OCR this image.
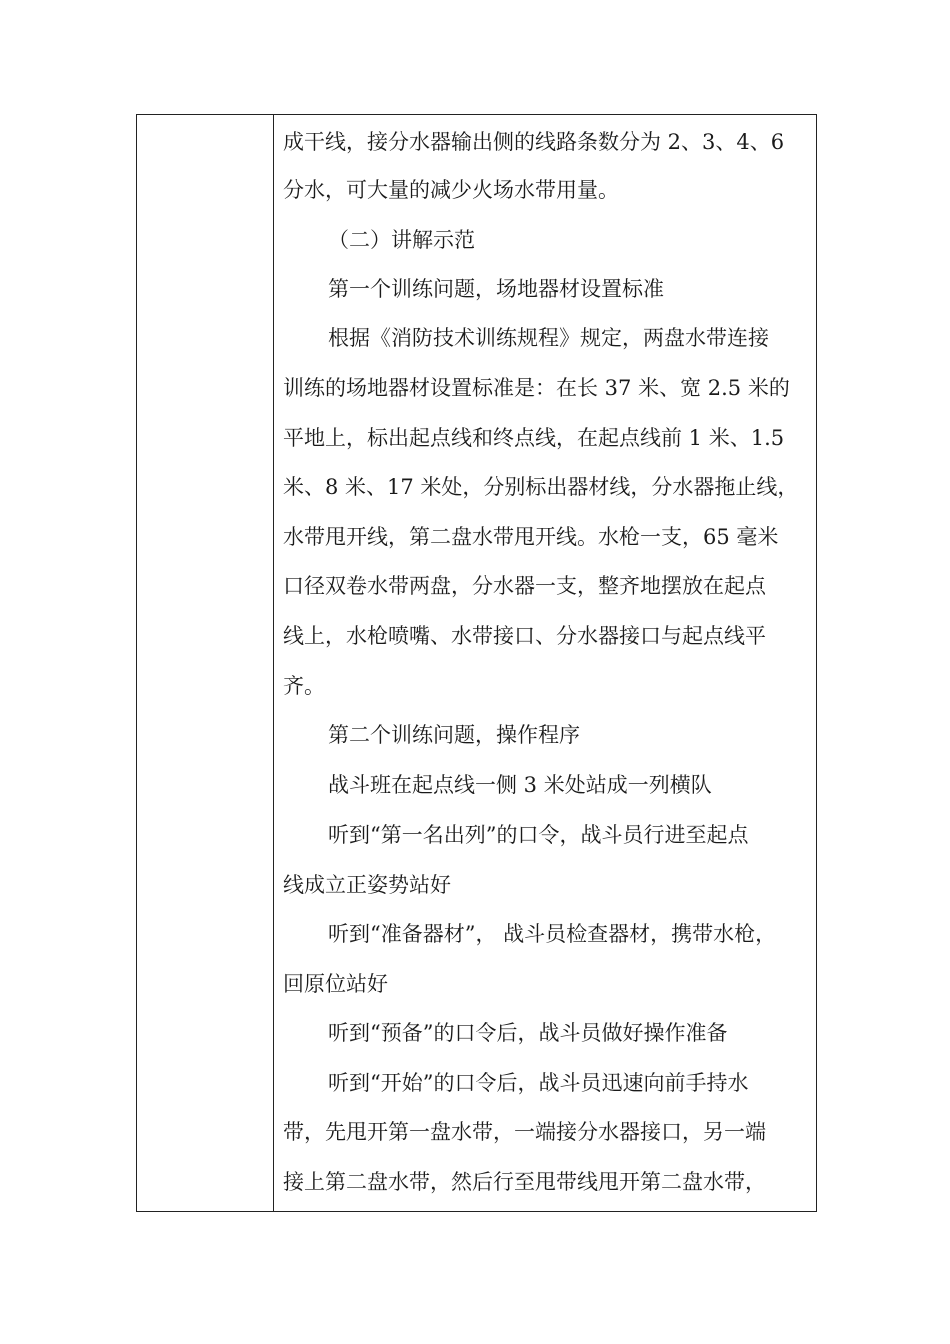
成干线，接分水器输出侧的线路条数分为 2、3、4、6
分水，可大量的减少火场水带用量。
（二）讲解示范
第一个训练问题，场地器材设置标准
根据《消防技术训练规程》规定，两盘水带连接
训练的场地器材设置标准是：在长 37 米、宽 2.5 米的
平地上，标出起点线和终点线，在起点线前 1 米、1.5
米、8 米、17 米处，分别标出器材线，分水器拖止线，
水带甩开线，第二盘水带甩开线。水枪一支，65 毫米
口径双卷水带两盘，分水器一支，整齐地摆放在起点
线上，水枪喷嘴、水带接口、分水器接口与起点线平
齐。
第二个训练问题，操作程序
战斗班在起点线一侧 3 米处站成一列横队
听到“第一名出列”的口令，战斗员行进至起点
线成立正姿势站好
听到“准备器材”， 战斗员检查器材，携带水枪，
回原位站好
听到“预备”的口令后，战斗员做好操作准备
听到“开始”的口令后，战斗员迅速向前手持水
带，先甩开第一盘水带，一端接分水器接口，另一端
接上第二盘水带，然后行至甩带线甩开第二盘水带，
